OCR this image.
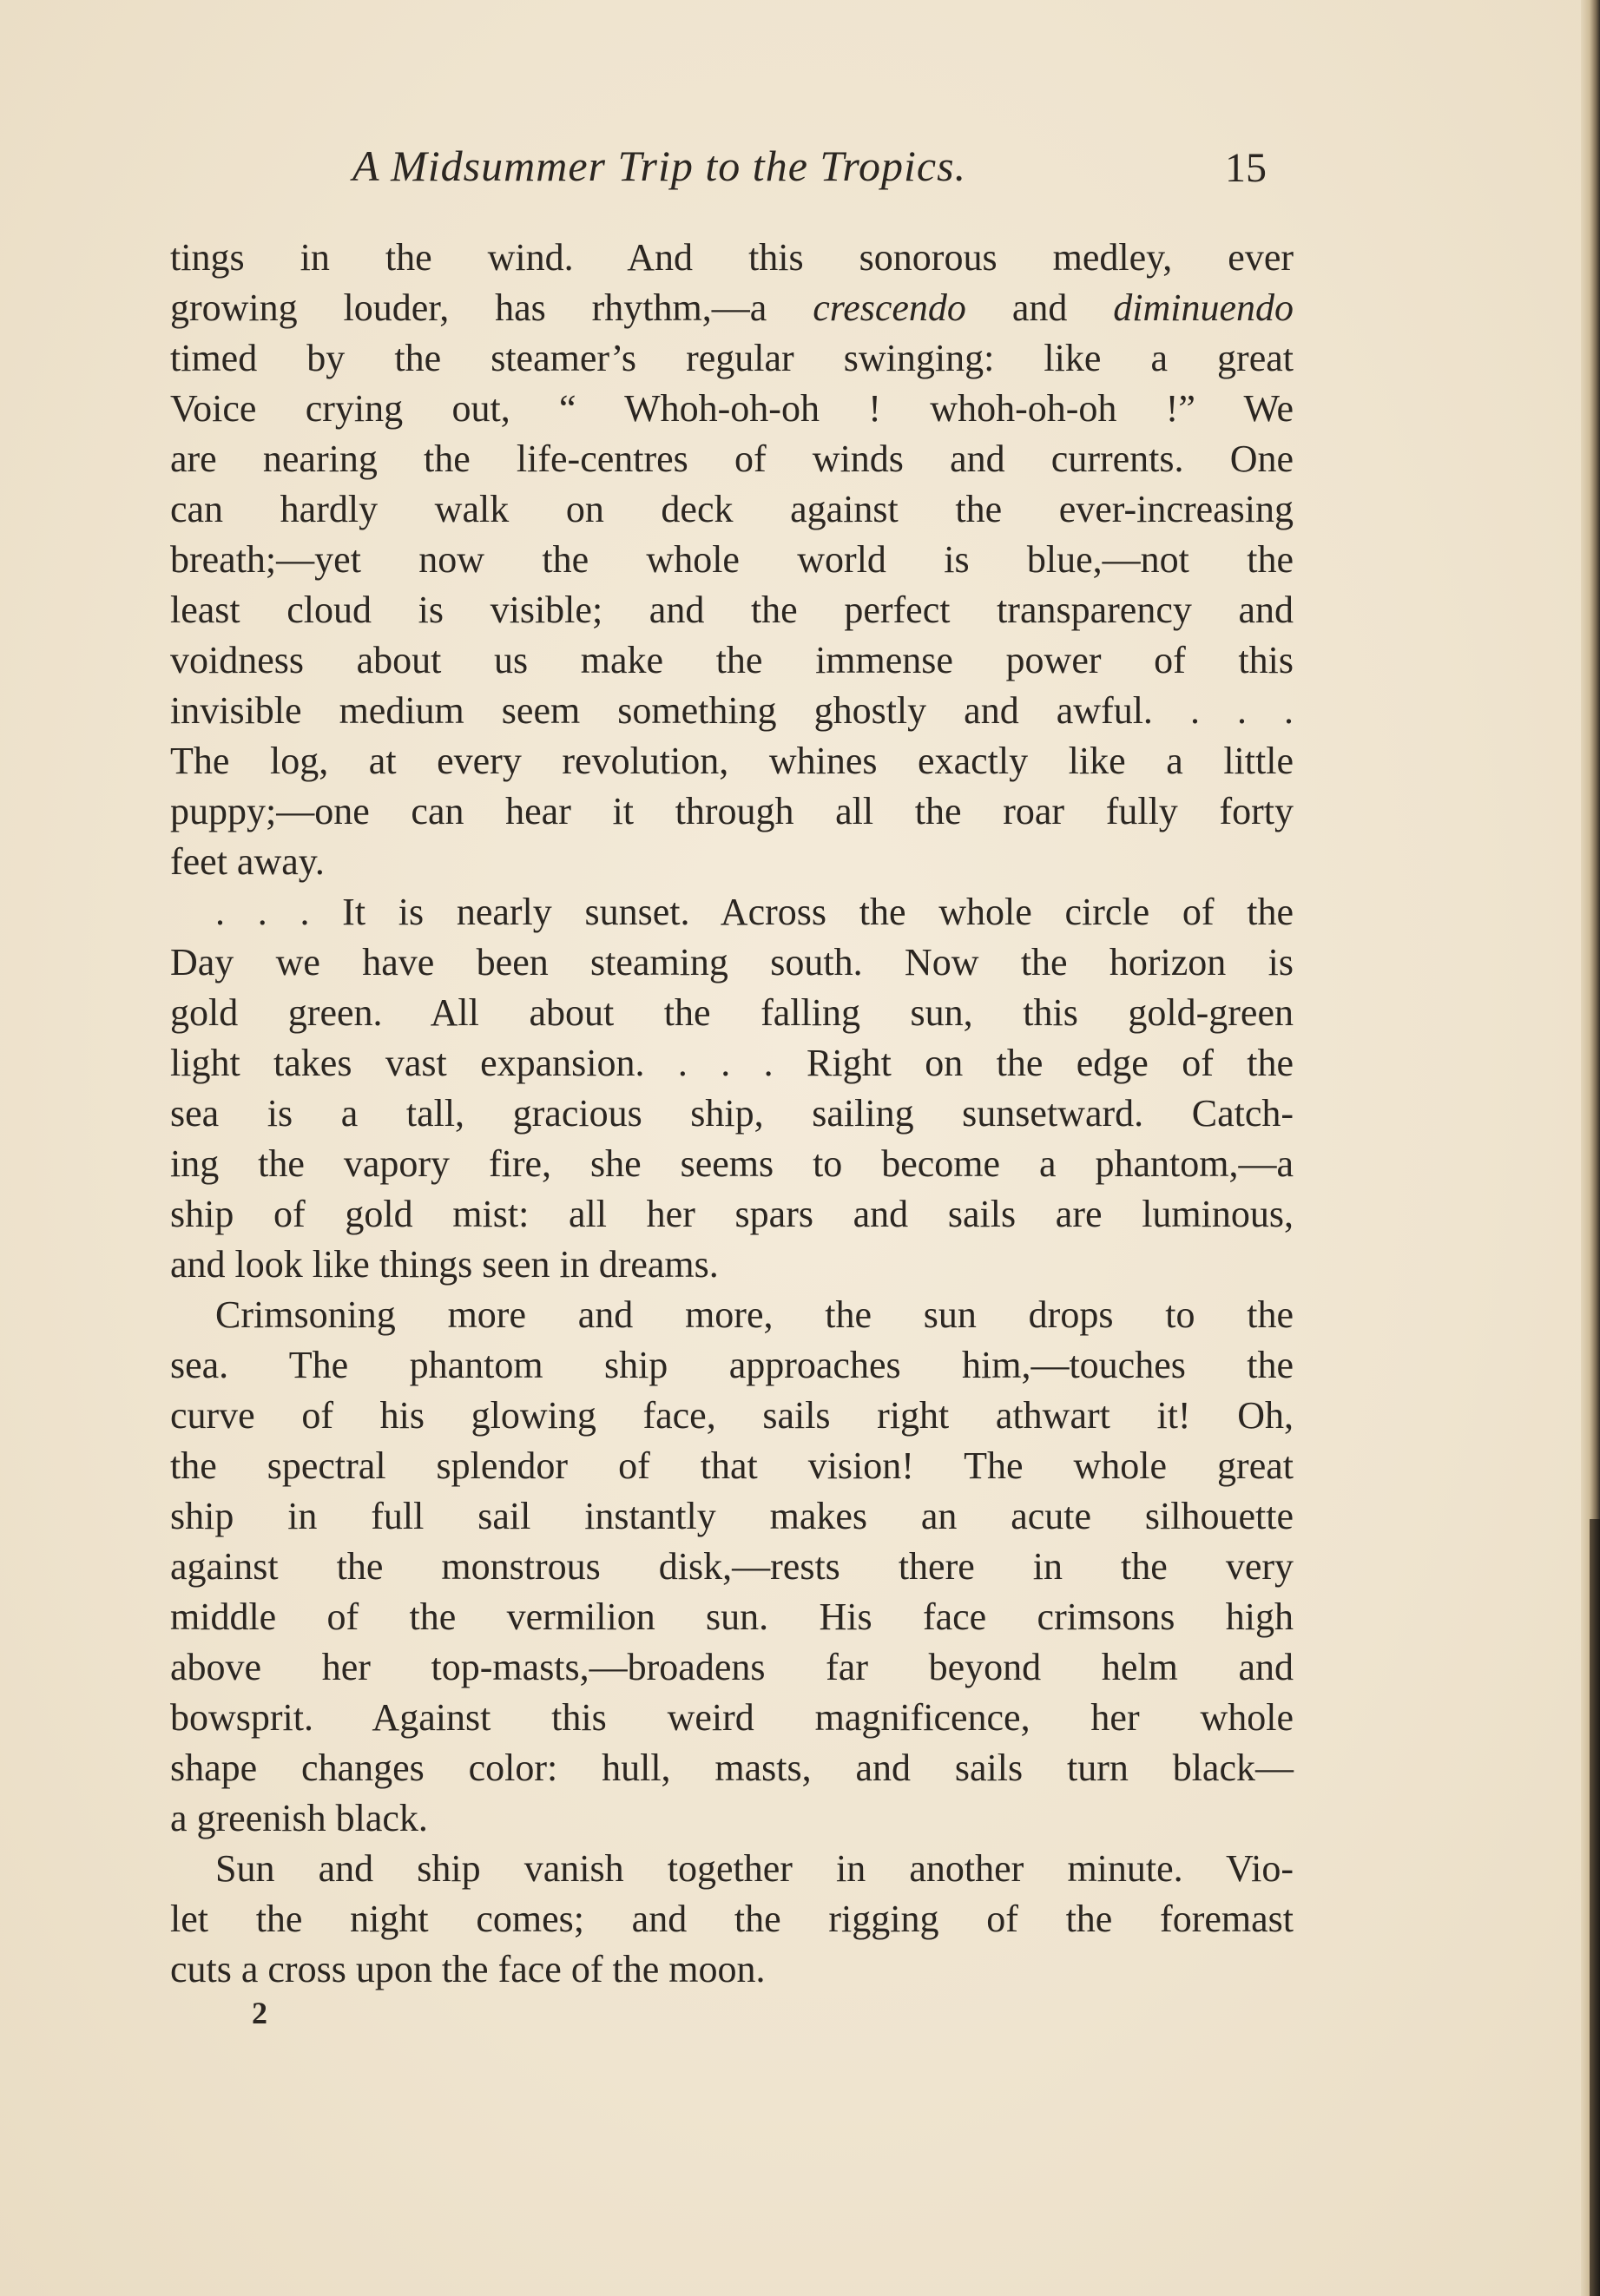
A Midsummer Trip to the Tropics.	15
tings in the wind. And this sonorous medley, ever
growing louder, has rhythm,—a crescendo and diminuendo
timed by the steamer’s regular swinging: like a great
Voice crying out, “ Whoh-oh-oh ! whoh-oh-oh !” We
are nearing the life-centres of winds and currents. One
can hardly walk on deck against the ever-increasing
breath;—yet now the whole world is blue,—not the
least cloud is visible; and the perfect transparency and
voidness about us make the immense power of this
invisible medium seem something ghostly and awful. . . .
The log, at every revolution, whines exactly like a little
puppy;—one can hear it through all the roar fully forty
feet away.
. . . It is nearly sunset. Across the whole circle of the
Day we have been steaming south. Now the horizon is
gold green. All about the falling sun, this gold-green
light takes vast expansion. . . . Right on the edge of the
sea is a tall, gracious ship, sailing sunsetward. Catch-
ing the vapory fire, she seems to become a phantom,—a
ship of gold mist: all her spars and sails are luminous,
and look like things seen in dreams.
Crimsoning more and more, the sun drops to the
sea. The phantom ship approaches him,—touches the
curve of his glowing face, sails right athwart it! Oh,
the spectral splendor of that vision! The whole great
ship in full sail instantly makes an acute silhouette
against the monstrous disk,—rests there in the very
middle of the vermilion sun. His face crimsons high
above her top-masts,—broadens far beyond helm and
bowsprit. Against this weird magnificence, her whole
shape changes color: hull, masts, and sails turn black—
a greenish black.
Sun and ship vanish together in another minute. Vio-
let the night comes; and the rigging of the foremast
cuts a cross upon the face of the moon.
2
